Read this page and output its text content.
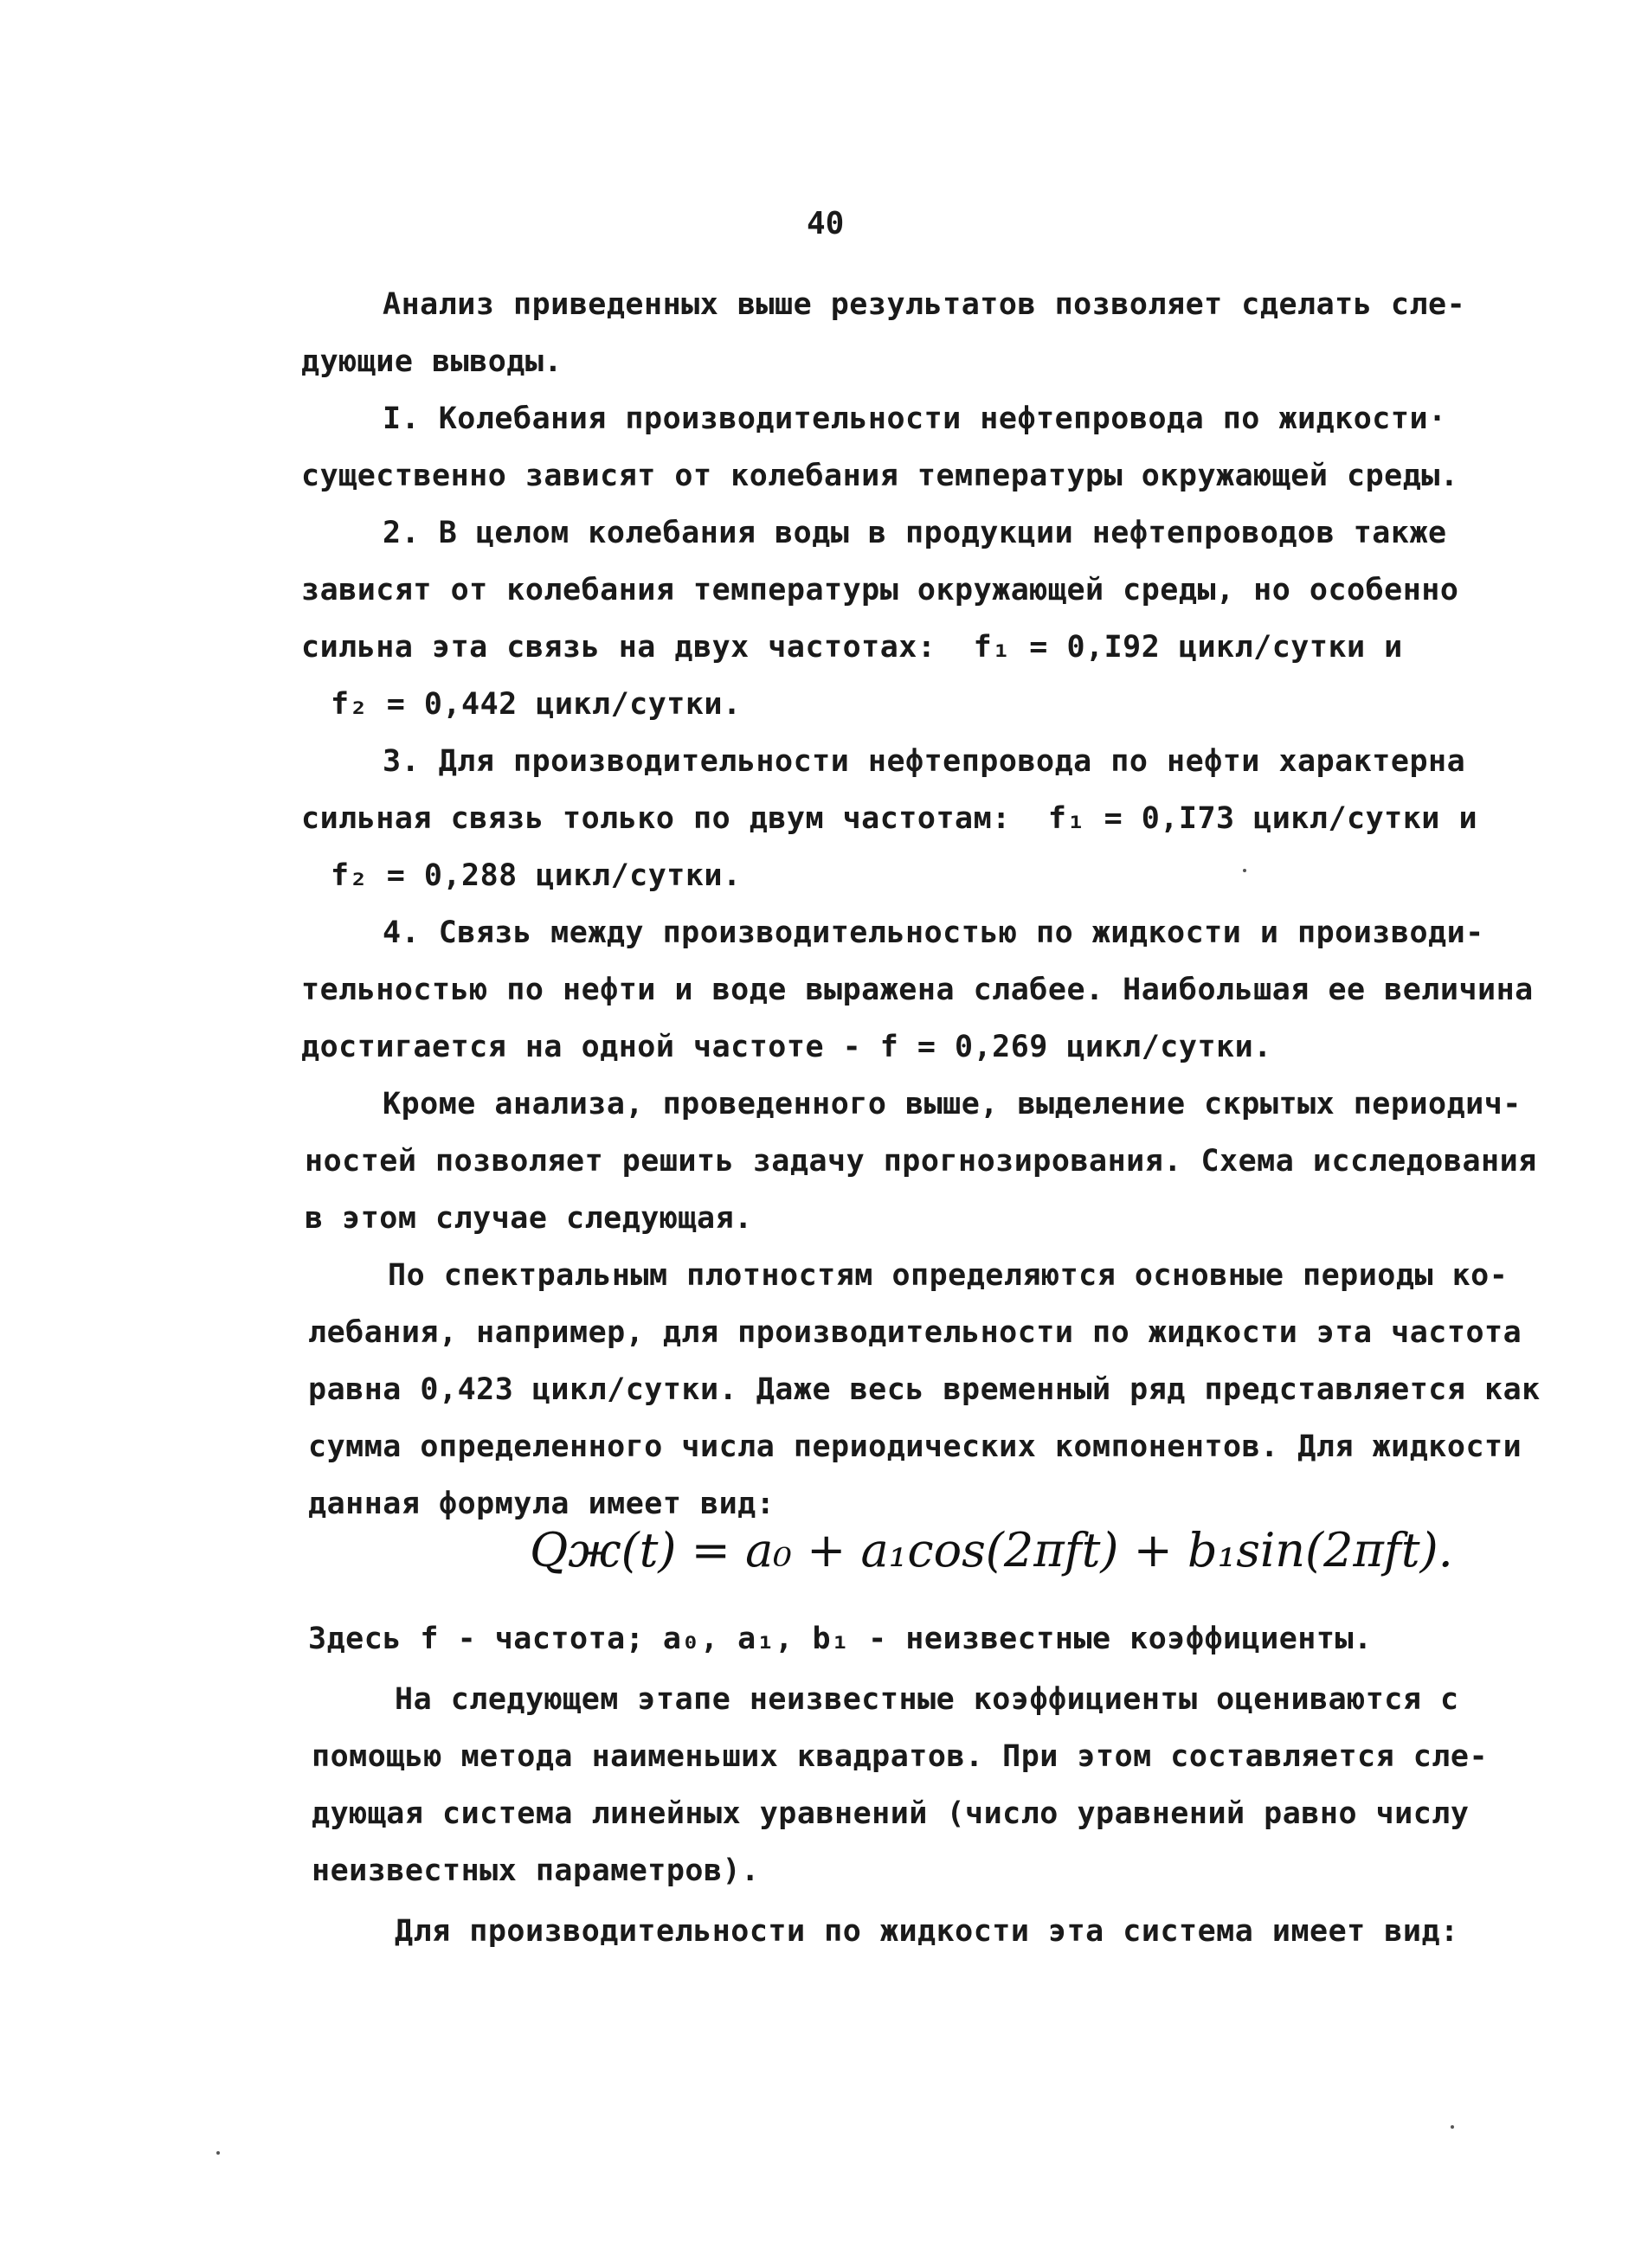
40
Анализ приведенных выше результатов позволяет сделать сле-
дующие выводы.
I. Колебания производительности нефтепровода по жидкости·
существенно зависят от колебания температуры окружающей среды.
2. В целом колебания воды в продукции нефтепроводов также
зависят от колебания температуры окружающей среды, но особенно
сильна эта связь на двух частотах:  f₁ = 0,I92 цикл/сутки и
f₂ = 0,442 цикл/сутки.
3. Для производительности нефтепровода по нефти характерна
сильная связь только по двум частотам:  f₁ = 0,I73 цикл/сутки и
f₂ = 0,288 цикл/сутки.
4. Связь между производительностью по жидкости и производи-
тельностью по нефти и воде выражена слабее. Наибольшая ее величина
достигается на одной частоте - f = 0,269 цикл/сутки.
Кроме анализа, проведенного выше, выделение скрытых периодич-
ностей позволяет решить задачу прогнозирования. Схема исследования
в этом случае следующая.
По спектральным плотностям определяются основные периоды ко-
лебания, например, для производительности по жидкости эта частота
равна 0,423 цикл/сутки. Даже весь временный ряд представляется как
сумма определенного числа периодических компонентов. Для жидкости
данная формула имеет вид:
Qж(t) = a₀ + a₁cos(2πft) + b₁sin(2πft).
Здесь f - частота; a₀, a₁, b₁ - неизвестные коэффициенты.
На следующем этапе неизвестные коэффициенты оцениваются с
помощью метода наименьших квадратов. При этом составляется сле-
дующая система линейных уравнений (число уравнений равно числу
неизвестных параметров).
Для производительности по жидкости эта система имеет вид:
